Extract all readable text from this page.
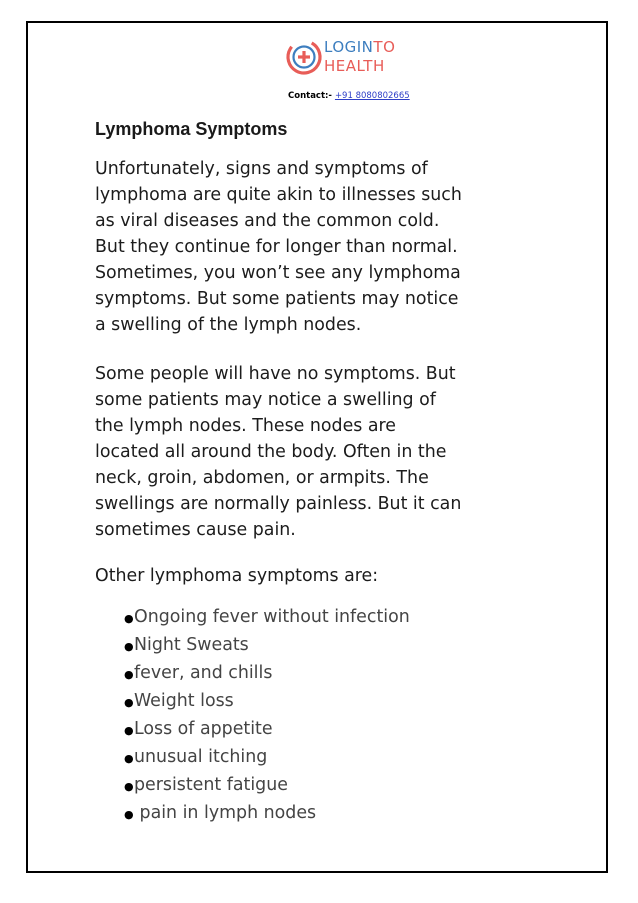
LOGINTO
HEALTH
Contact:- +91 8080802665
Lymphoma Symptoms

Unfortunately, signs and symptoms of
lymphoma are quite akin to illnesses such
as viral diseases and the common cold.
But they continue for longer than normal.
Sometimes, you won’t see any lymphoma
symptoms. But some patients may notice
a swelling of the lymph nodes.

Some people will have no symptoms. But
some patients may notice a swelling of
the lymph nodes. These nodes are
located all around the body. Often in the
neck, groin, abdomen, or armpits. The
swellings are normally painless. But it can
sometimes cause pain.

Other lymphoma symptoms are:

● Ongoing fever without infection
● Night Sweats
● fever, and chills
● Weight loss
● Loss of appetite
● unusual itching
● persistent fatigue
● pain in lymph nodes
